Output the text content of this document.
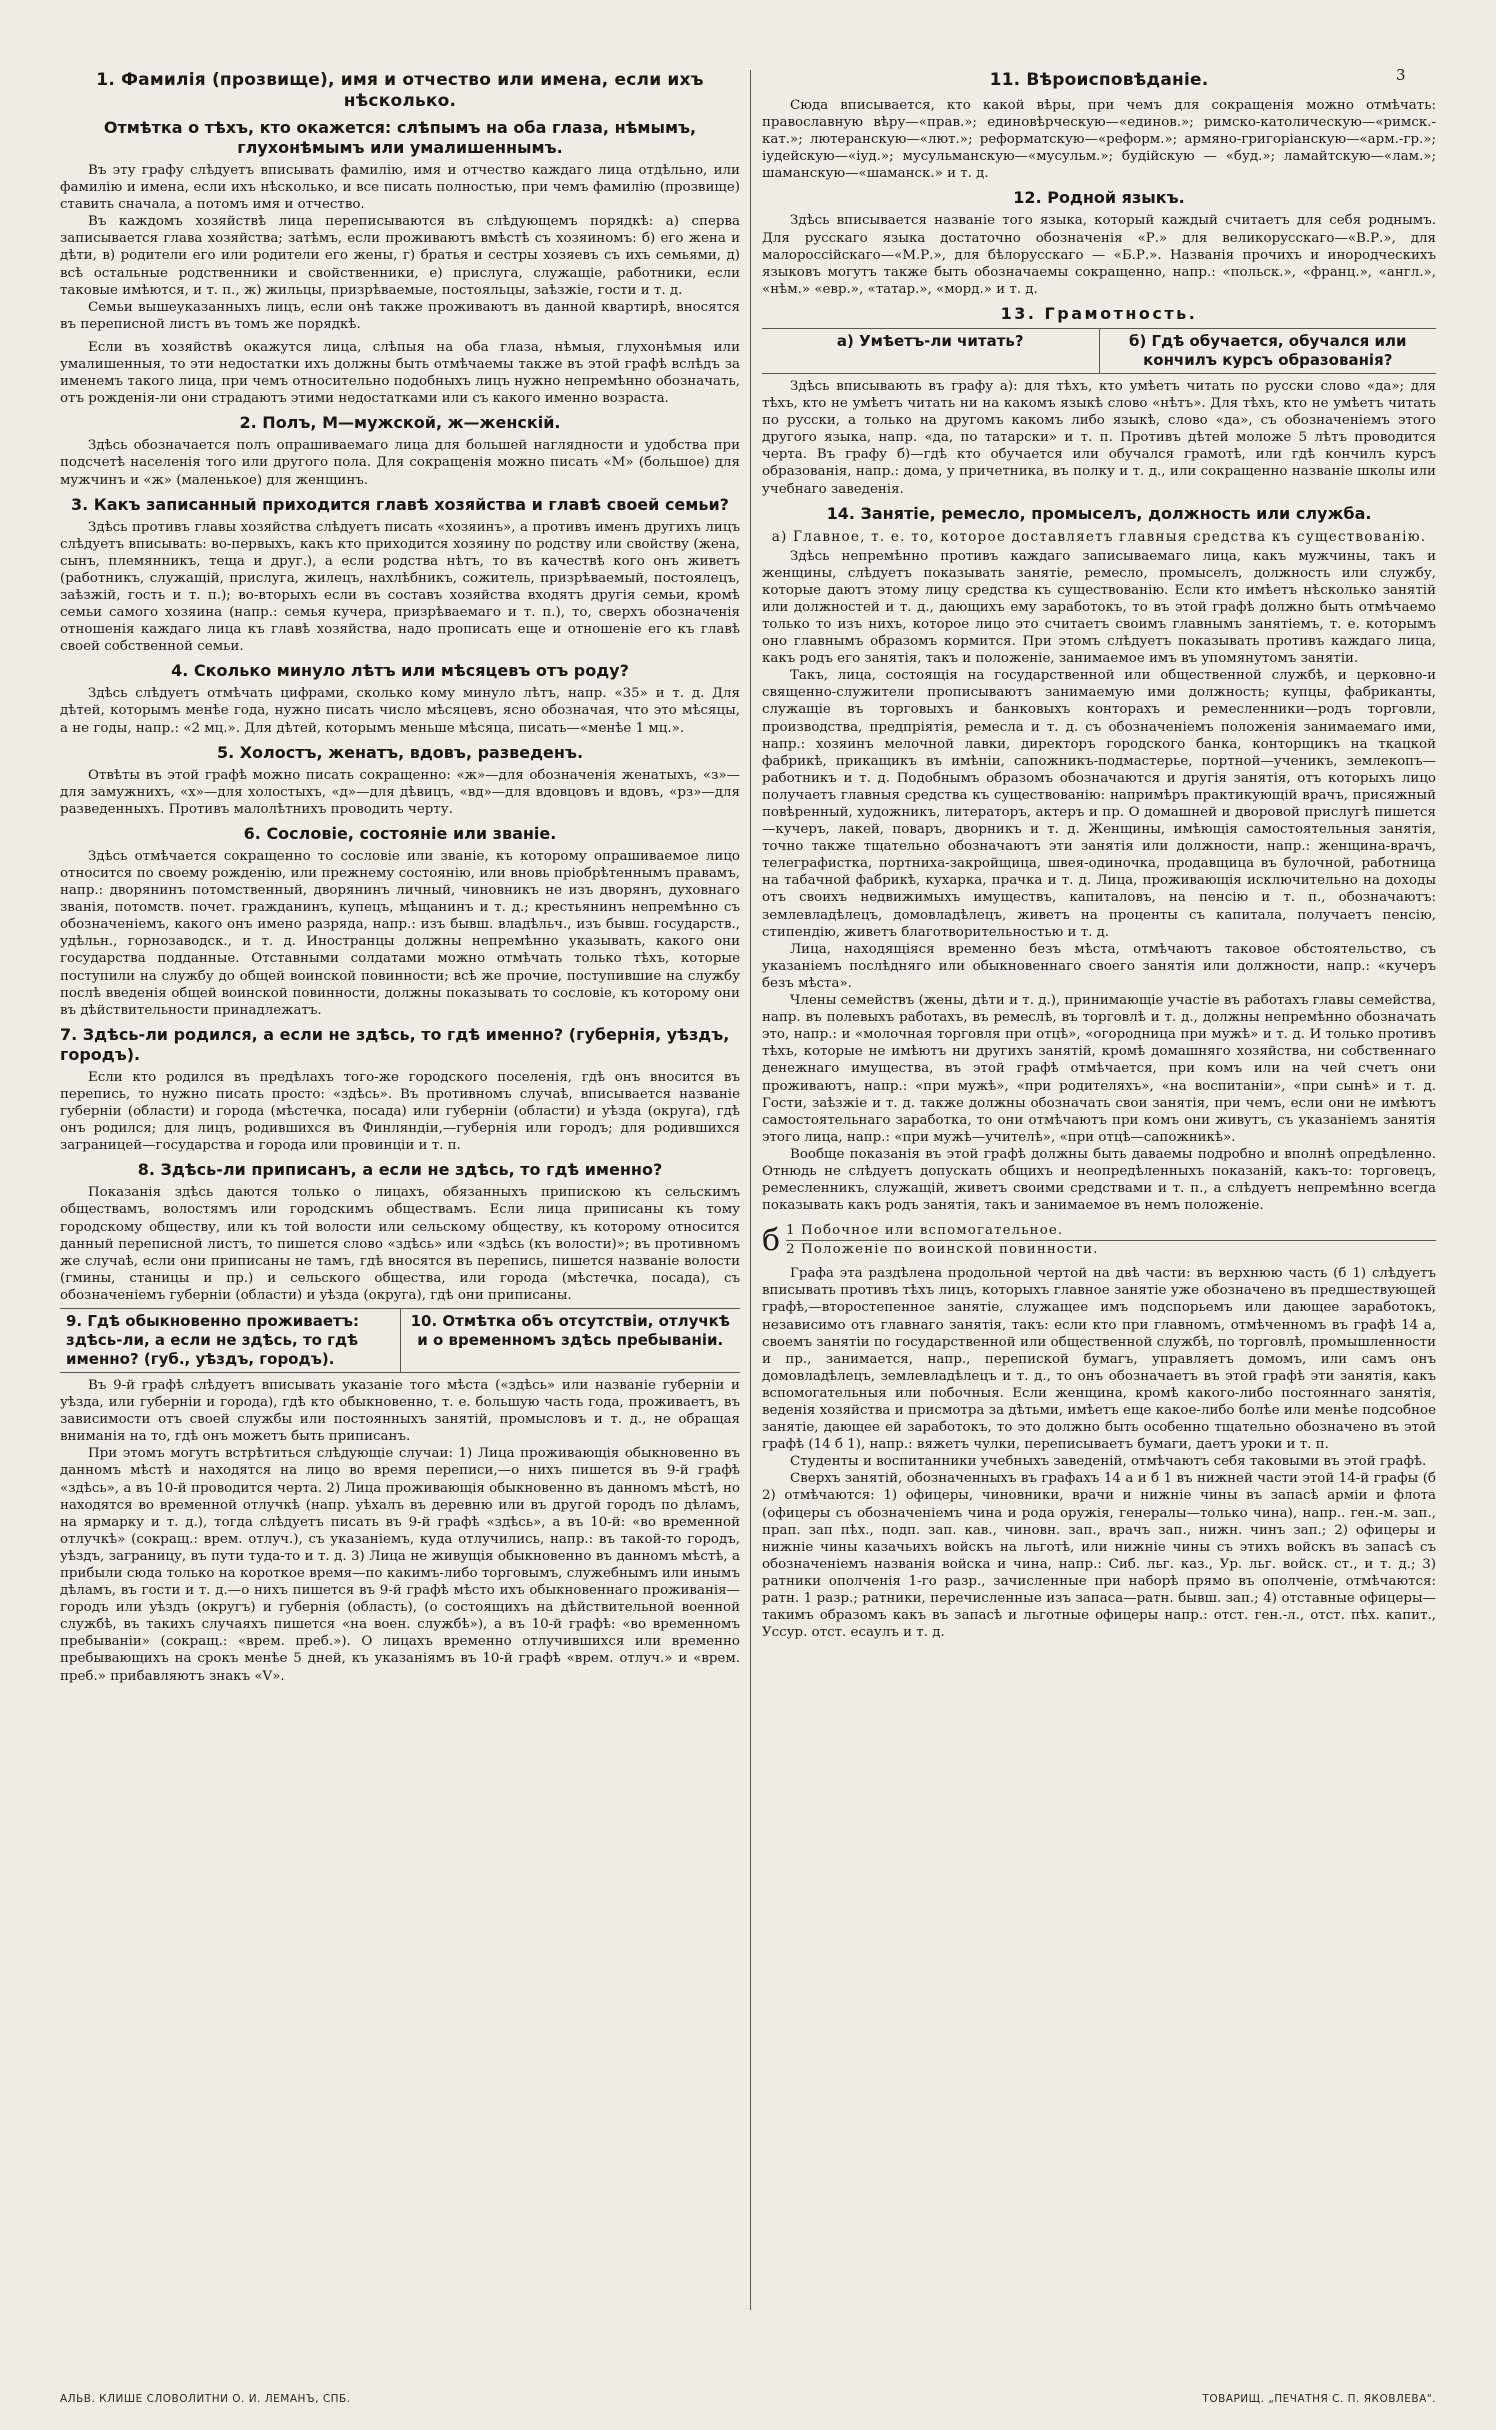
3
1. Фамилія (прозвище), имя и отчество или имена, если ихъ нѣсколько.
Отмѣтка о тѣхъ, кто окажется: слѣпымъ на оба глаза, нѣмымъ, глухонѣмымъ или умалишеннымъ.

Въ эту графу слѣдуетъ вписывать фамилію, имя и отчество каждаго лица отдѣльно, или фамилію и имена, если ихъ нѣсколько, и все писать полностью, при чемъ фамилію (прозвище) ставить сначала, а потомъ имя и отчество.

Въ каждомъ хозяйствѣ лица переписываются въ слѣдующемъ порядкѣ: а) сперва записывается глава хозяйства; затѣмъ, если проживаютъ вмѣстѣ съ хозяиномъ: б) его жена и дѣти, в) родители его или родители его жены, г) братья и сестры хозяевъ съ ихъ семьями, д) всѣ остальные родственники и свойственники, е) прислуга, служащіе, работники, если таковые имѣются, и т. п., ж) жильцы, призрѣваемые, постояльцы, заѣзжіе, гости и т. д.

Семьи вышеуказанныхъ лицъ, если онѣ также проживаютъ въ данной квартирѣ, вносятся въ переписной листъ въ томъ же порядкѣ.

Если въ хозяйствѣ окажутся лица, слѣпыя на оба глаза, нѣмыя, глухонѣмыя или умалишенныя, то эти недостатки ихъ должны быть отмѣчаемы также въ этой графѣ вслѣдъ за именемъ такого лица, при чемъ относительно подобныхъ лицъ нужно непремѣнно обозначать, отъ рожденія-ли они страдаютъ этими недостатками или съ какого именно возраста.

2. Полъ, М—мужской, ж—женскій.

Здѣсь обозначается полъ опрашиваемаго лица для большей наглядности и удобства при подсчетѣ населенія того или другого пола. Для сокращенія можно писать «М» (большое) для мужчинъ и «ж» (маленькое) для женщинъ.

3. Какъ записанный приходится главѣ хозяйства и главѣ своей семьи?

Здѣсь противъ главы хозяйства слѣдуетъ писать «хозяинъ», а противъ именъ другихъ лицъ слѣдуетъ вписывать: во-первыхъ, какъ кто приходится хозяину по родству или свойству (жена, сынъ, племянникъ, теща и друг.), а если родства нѣтъ, то въ качествѣ кого онъ живетъ (работникъ, служащій, прислуга, жилецъ, нахлѣбникъ, сожитель, призрѣваемый, постоялецъ, заѣзжій, гость и т. п.); во-вторыхъ если въ составъ хозяйства входятъ другія семьи, кромѣ семьи самого хозяина (напр.: семья кучера, призрѣваемаго и т. п.), то, сверхъ обозначенія отношенія каждаго лица къ главѣ хозяйства, надо прописать еще и отношеніе его къ главѣ своей собственной семьи.

4. Сколько минуло лѣтъ или мѣсяцевъ отъ роду?

Здѣсь слѣдуетъ отмѣчать цифрами, сколько кому минуло лѣтъ, напр. «35» и т. д. Для дѣтей, которымъ менѣе года, нужно писать число мѣсяцевъ, ясно обозначая, что это мѣсяцы, а не годы, напр.: «2 мц.». Для дѣтей, которымъ меньше мѣсяца, писать—«менѣе 1 мц.».

5. Холостъ, женатъ, вдовъ, разведенъ.

Отвѣты въ этой графѣ можно писать сокращенно: «ж»—для обозначенія женатыхъ, «з»—для замужнихъ, «х»—для холостыхъ, «д»—для дѣвицъ, «вд»—для вдовцовъ и вдовъ, «рз»—для разведенныхъ. Противъ малолѣтнихъ проводить черту.

6. Сословіе, состояніе или званіе.

Здѣсь отмѣчается сокращенно то сословіе или званіе, къ которому опрашиваемое лицо относится по своему рожденію, или прежнему состоянію, или вновь пріобрѣтеннымъ правамъ, напр.: дворянинъ потомственный, дворянинъ личный, чиновникъ не изъ дворянъ, духовнаго званія, потомств. почет. гражданинъ, купецъ, мѣщанинъ и т. д.; крестьянинъ непремѣнно съ обозначеніемъ, какого онъ имено разряда, напр.: изъ бывш. владѣльч., изъ бывш. государств., удѣльн., горнозаводск., и т. д. Иностранцы должны непремѣнно указывать, какого они государства подданные. Отставными солдатами можно отмѣчать только тѣхъ, которые поступили на службу до общей воинской повинности; всѣ же прочие, поступившие на службу послѣ введенія общей воинской повинности, должны показывать то сословіе, къ которому они въ дѣйствительности принадлежатъ.

7. Здѣсь-ли родился, а если не здѣсь, то гдѣ именно? (губернія, уѣздъ, городъ).

Если кто родился въ предѣлахъ того-же городского поселенія, гдѣ онъ вносится въ перепись, то нужно писать просто: «здѣсь». Въ противномъ случаѣ, вписывается названіе губерніи (области) и города (мѣстечка, посада) или губерніи (области) и уѣзда (округа), гдѣ онъ родился; для лицъ, родившихся въ Финляндіи,—губернія или городъ; для родившихся заграницей—государства и города или провинціи и т. п.

8. Здѣсь-ли приписанъ, а если не здѣсь, то гдѣ именно?

Показанія здѣсь даются только о лицахъ, обязанныхъ припискою къ сельскимъ обществамъ, волостямъ или городскимъ обществамъ. Если лица приписаны къ тому городскому обществу, или къ той волости или сельскому обществу, къ которому относится данный переписной листъ, то пишется слово «здѣсь» или «здѣсь (къ волости)»; въ противномъ же случаѣ, если они приписаны не тамъ, гдѣ вносятся въ перепись, пишется названіе волости (гмины, станицы и пр.) и сельского общества, или города (мѣстечка, посада), съ обозначеніемъ губерніи (области) и уѣзда (округа), гдѣ они приписаны.

9. Гдѣ обыкновенно проживаетъ: здѣсь-ли, а если не здѣсь, то гдѣ именно? (губ., уѣздъ, городъ).
10. Отмѣтка объ отсутствіи, отлучкѣ и о временномъ здѣсь пребываніи.

Въ 9-й графѣ слѣдуетъ вписывать указаніе того мѣста («здѣсь» или названіе губерніи и уѣзда, или губерніи и города), гдѣ кто обыкновенно, т. е. большую часть года, проживаетъ, въ зависимости отъ своей службы или постоянныхъ занятій, промысловъ и т. д., не обращая вниманія на то, гдѣ онъ можетъ быть приписанъ.

При этомъ могутъ встрѣтиться слѣдующіе случаи: 1) Лица проживающія обыкновенно въ данномъ мѣстѣ и находятся на лицо во время переписи,—о нихъ пишется въ 9-й графѣ «здѣсь», а въ 10-й проводится черта. 2) Лица проживающія обыкновенно въ данномъ мѣстѣ, но находятся во временной отлучкѣ (напр. уѣхалъ въ деревню или въ другой городъ по дѣламъ, на ярмарку и т. д.), тогда слѣдуетъ писать въ 9-й графѣ «здѣсь», а въ 10-й: «во временной отлучкѣ» (сокращ.: врем. отлуч.), съ указаніемъ, куда отлучились, напр.: въ такой-то городъ, уѣздъ, заграницу, въ пути туда-то и т. д. 3) Лица не живущія обыкновенно въ данномъ мѣстѣ, а прибыли сюда только на короткое время—по какимъ-либо торговымъ, служебнымъ или инымъ дѣламъ, въ гости и т. д.—о нихъ пишется въ 9-й графѣ мѣсто ихъ обыкновеннаго проживанія—городъ или уѣздъ (округъ) и губернія (область), (о состоящихъ на дѣйствительной военной службѣ, въ такихъ случаяхъ пишется «на воен. службѣ»), а въ 10-й графѣ: «во временномъ пребываніи» (сокращ.: «врем. преб.»). О лицахъ временно отлучившихся или временно пребывающихъ на срокъ менѣе 5 дней, къ указаніямъ въ 10-й графѣ «врем. отлуч.» и «врем. преб.» прибавляютъ знакъ «V».

11. Вѣроисповѣданіе.

Сюда вписывается, кто какой вѣры, при чемъ для сокращенія можно отмѣчать: православную вѣру—«прав.»; единовѣрческую—«единов.»; римско-католическую—«римск.-кат.»; лютеранскую—«лют.»; реформатскую—«реформ.»; армяно-григоріанскую—«арм.-гр.»; іудейскую—«іуд.»; мусульманскую—«мусульм.»; будійскую — «буд.»; ламайтскую—«лам.»; шаманскую—«шаманск.» и т. д.

12. Родной языкъ.

Здѣсь вписывается названіе того языка, который каждый считаетъ для себя роднымъ. Для русскаго языка достаточно обозначенія «Р.» для великорусскаго—«В.Р.», для малороссійскаго—«М.Р.», для бѣлорусскаго — «Б.Р.». Названія прочихъ и инородческихъ языковъ могутъ также быть обозначаемы сокращенно, напр.: «польск.», «франц.», «англ.», «нѣм.» «евр.», «татар.», «морд.» и т. д.

13. Грамотность.
а) Умѣетъ-ли читать?	б) Гдѣ обучается, обучался или кончилъ курсъ образованія?

Здѣсь вписывають въ графу а): для тѣхъ, кто умѣетъ читать по русски слово «да»; для тѣхъ, кто не умѣетъ читать ни на какомъ языкѣ слово «нѣтъ». Для тѣхъ, кто не умѣетъ читать по русски, а только на другомъ какомъ либо языкѣ, слово «да», съ обозначеніемъ этого другого языка, напр. «да, по татарски» и т. п. Противъ дѣтей моложе 5 лѣтъ проводится черта. Въ графу б)—гдѣ кто обучается или обучался грамотѣ, или гдѣ кончилъ курсъ образованія, напр.: дома, у причетника, въ полку и т. д., или сокращенно названіе школы или учебнаго заведенія.

14. Занятіе, ремесло, промыселъ, должность или служба.
а) Главное, т. е. то, которое доставляетъ главныя средства къ существованію.

Здѣсь непремѣнно противъ каждаго записываемаго лица, какъ мужчины, такъ и женщины, слѣдуетъ показывать занятіе, ремесло, промыселъ, должность или службу, которые даютъ этому лицу средства къ существованію. Если кто имѣетъ нѣсколько занятій или должностей и т. д., дающихъ ему заработокъ, то въ этой графѣ должно быть отмѣчаемо только то изъ нихъ, которое лицо это считаетъ своимъ главнымъ занятіемъ, т. е. которымъ оно главнымъ образомъ кормится. При этомъ слѣдуетъ показывать противъ каждаго лица, какъ родъ его занятія, такъ и положеніе, занимаемое имъ въ упомянутомъ занятіи.

Такъ, лица, состоящія на государственной или общественной службѣ, и церковно-и священно-служители прописываютъ занимаемую ими должность; купцы, фабриканты, служащіе въ торговыхъ и банковыхъ конторахъ и ремесленники—родъ торговли, производства, предпріятія, ремесла и т. д. съ обозначеніемъ положенія занимаемаго ими, напр.: хозяинъ мелочной лавки, директоръ городского банка, конторщикъ на ткацкой фабрикѣ, прикащикъ въ имѣніи, сапожникъ-подмастерье, портной—ученикъ, землекопъ—работникъ и т. д. Подобнымъ образомъ обозначаются и другія занятія, отъ которыхъ лицо получаетъ главныя средства къ существованію: напримѣръ практикующій врачъ, присяжный повѣренный, художникъ, литераторъ, актеръ и пр. О домашней и дворовой прислугѣ пишется—кучеръ, лакей, поваръ, дворникъ и т. д. Женщины, имѣющія самостоятельныя занятія, точно также тщательно обозначаютъ эти занятія или должности, напр.: женщина-врачъ, телеграфистка, портниха-закройщица, швея-одиночка, продавщица въ булочной, работница на табачной фабрикѣ, кухарка, прачка и т. д. Лица, проживающія исключительно на доходы отъ своихъ недвижимыхъ имуществъ, капиталовъ, на пенсію и т. п., обозначаютъ: землевладѣлецъ, домовладѣлецъ, живетъ на проценты съ капитала, получаетъ пенсію, стипендію, живетъ благотворительностью и т. д.

Лица, находящіяся временно безъ мѣста, отмѣчаютъ таковое обстоятельство, съ указаніемъ послѣдняго или обыкновеннаго своего занятія или должности, напр.: «кучеръ безъ мѣста».

Члены семействъ (жены, дѣти и т. д.), принимающіе участіе въ работахъ главы семейства, напр. въ полевыхъ работахъ, въ ремеслѣ, въ торговлѣ и т. д., должны непремѣнно обозначать это, напр.: и «молочная торговля при отцѣ», «огородница при мужѣ» и т. д. И только противъ тѣхъ, которые не имѣютъ ни другихъ занятій, кромѣ домашняго хозяйства, ни собственнаго денежнаго имущества, въ этой графѣ отмѣчается, при комъ или на чей счетъ они проживаютъ, напр.: «при мужѣ», «при родителяхъ», «на воспитаніи», «при сынѣ» и т. д. Гости, заѣзжіе и т. д. также должны обозначать свои занятія, при чемъ, если они не имѣютъ самостоятельнаго заработка, то они отмѣчаютъ при комъ они живутъ, съ указаніемъ занятія этого лица, напр.: «при мужѣ—учителѣ», «при отцѣ—сапожникѣ».

Вообще показанія въ этой графѣ должны быть даваемы подробно и вполнѣ опредѣленно. Отнюдь не слѣдуетъ допускать общихъ и неопредѣленныхъ показаній, какъ-то: торговецъ, ремесленникъ, служащій, живетъ своими средствами и т. п., а слѣдуетъ непремѣнно всегда показывать какъ родъ занятія, такъ и занимаемое въ немъ положеніе.

б 1 Побочное или вспомогательное.
2 Положеніе по воинской повинности.

Графа эта раздѣлена продольной чертой на двѣ части: въ верхнюю часть (б 1) слѣдуетъ вписывать противъ тѣхъ лицъ, которыхъ главное занятіе уже обозначено въ предшествующей графѣ,—второстепенное занятіе, служащее имъ подспорьемъ или дающее заработокъ, независимо отъ главнаго занятія, такъ: если кто при главномъ, отмѣченномъ въ графѣ 14 а, своемъ занятіи по государственной или общественной службѣ, по торговлѣ, промышленности и пр., занимается, напр., перепиской бумагъ, управляетъ домомъ, или самъ онъ домовладѣлецъ, землевладѣлецъ и т. д., то онъ обозначаетъ въ этой графѣ эти занятія, какъ вспомогательныя или побочныя. Если женщина, кромѣ какого-либо постояннаго занятія, веденія хозяйства и присмотра за дѣтьми, имѣетъ еще какое-либо болѣе или менѣе подсобное занятіе, дающее ей заработокъ, то это должно быть особенно тщательно обозначено въ этой графѣ (14 б 1), напр.: вяжетъ чулки, переписываетъ бумаги, даетъ уроки и т. п.

Студенты и воспитанники учебныхъ заведеній, отмѣчаютъ себя таковыми въ этой графѣ.

Сверхъ занятій, обозначенныхъ въ графахъ 14 а и б 1 въ нижней части этой 14-й графы (б 2) отмѣчаются: 1) офицеры, чиновники, врачи и нижніе чины въ запасѣ арміи и флота (офицеры съ обозначеніемъ чина и рода оружія, генералы—только чина), напр.. ген.-м. зап., прап. зап пѣх., подп. зап. кав., чиновн. зап., врачъ зап., нижн. чинъ зап.; 2) офицеры и нижніе чины казачьихъ войскъ на льготѣ, или нижніе чины съ этихъ войскъ въ запасѣ съ обозначеніемъ названія войска и чина, напр.: Сиб. льг. каз., Ур. льг. войск. ст., и т. д.; 3) ратники ополченія 1-го разр., зачисленные при наборѣ прямо въ ополченіе, отмѣчаются: ратн. 1 разр.; ратники, перечисленные изъ запаса—ратн. бывш. зап.; 4) отставные офицеры—такимъ образомъ какъ въ запасѣ и льготные офицеры напр.: отст. ген.-л., отст. пѣх. капит., Уссур. отст. есаулъ и т. д.

АЛЬВ. КЛИШЕ СЛОВОЛИТНИ О. И. ЛЕМАНЪ, СПБ.	ТОВАРИЩ. „ПЕЧАТНЯ С. П. ЯКОВЛЕВА".
